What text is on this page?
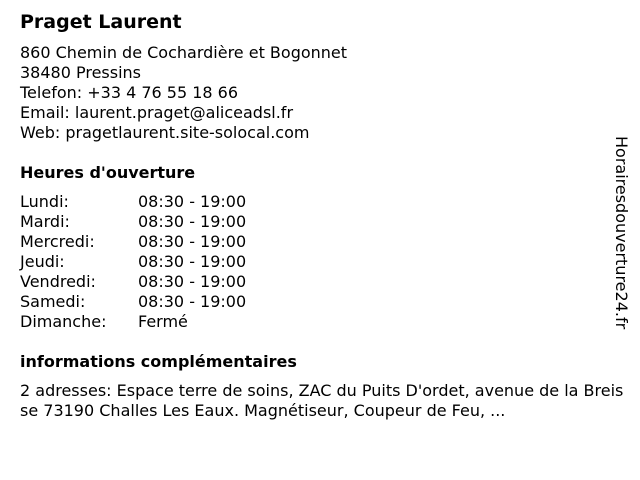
Praget Laurent
860 Chemin de Cochardière et Bogonnet
38480 Pressins
Telefon: +33 4 76 55 18 66
Email: laurent.praget@aliceadsl.fr
Web: pragetlaurent.site-solocal.com
Heures d'ouverture
Lundi:	08:30 - 19:00
Mardi:	08:30 - 19:00
Mercredi:	08:30 - 19:00
Jeudi:	08:30 - 19:00
Vendredi:	08:30 - 19:00
Samedi:	08:30 - 19:00
Dimanche:	Fermé
informations complémentaires
2 adresses: Espace terre de soins, ZAC du Puits D'ordet, avenue de la Breisse 73190 Challes Les Eaux. Magnétiseur, Coupeur de Feu, ...
Horairesdouverture24.fr
